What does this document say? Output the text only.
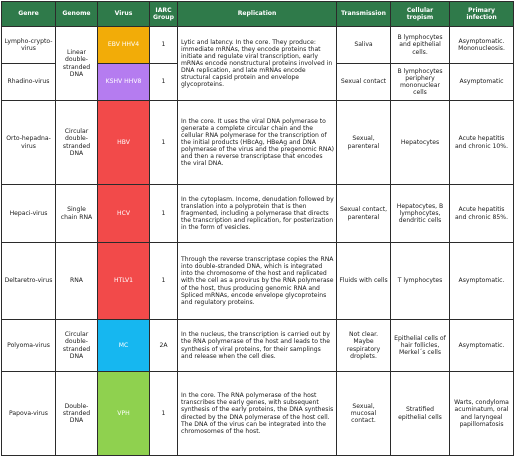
Genre	Genome	Virus	IARC Group	Replication	Transmission	Cellular tropism	Primary infection
Lympho-crypto-virus	Linear double-stranded DNA	EBV HHV4	1	Lytic and latency. In the core. They produce: immediate mRNAs, they encode proteins that initiate and regulate viral transcription, early mRNAs encode nonstructural proteins involved in DNA replication, and late mRNAs encode structural capsid protein and envelope glycoproteins.	Saliva	B lymphocytes and epithelial cells.	Asymptomatic. Mononucleosis.
Rhadino-virus		KSHV HHV8	1		Sexual contact	B lymphocytes periphery mononuclear cells	Asymptomatic
Orto-hepadna-virus	Circular double-stranded DNA	HBV	1	In the core. It uses the viral DNA polymerase to generate a complete circular chain and the cellular RNA polymerase for the transcription of the initial products (HBcAg, HBeAg and DNA polymerase of the virus and the pregenomic RNA) and then a reverse transcriptase that encodes the viral DNA.	Sexual, parenteral	Hepatocytes	Acute hepatitis and chronic 10%.
Hepaci-virus	Single chain RNA	HCV	1	In the cytoplasm. Income, denudation followed by translation into a polyprotein that is then fragmented, including a polymerase that directs the transcription and replication, for posterization in the form of vesicles.	Sexual contact, parenteral	Hepatocytes, B lymphocytes, dendritic cells	Acute hepatitis and chronic 85%.
Deltaretro-virus	RNA	HTLV1	1	Through the reverse transcriptase copies the RNA into double-stranded DNA, which is integrated into the chromosome of the host and replicated with the cell as a provirus by the RNA polymerase of the host, thus producing genomic RNA and Spliced mRNAs, encode envelope glycoproteins and regulatory proteins.	Fluids with cells	T lymphocytes	Asymptomatic.
Polyoma-virus	Circular double-stranded DNA	MC	2A	In the nucleus, the transcription is carried out by the RNA polymerase of the host and leads to the synthesis of viral proteins, for their samplings and release when the cell dies.	Not clear. Maybe respiratory droplets.	Epithelial cells of hair follicles, Merkel´s cells	Asymptomatic.
Papova-virus	Double-stranded DNA	VPH	1	In the core. The RNA polymerase of the host transcribes the early genes, with subsequent synthesis of the early proteins, the DNA synthesis directed by the DNA polymerase of the host cell. The DNA of the virus can be integrated into the chromosomes of the host.	Sexual, mucosal contact.	Stratified epithelial cells	Warts, condyloma acuminatum, oral and laryngeal papillomatosis
